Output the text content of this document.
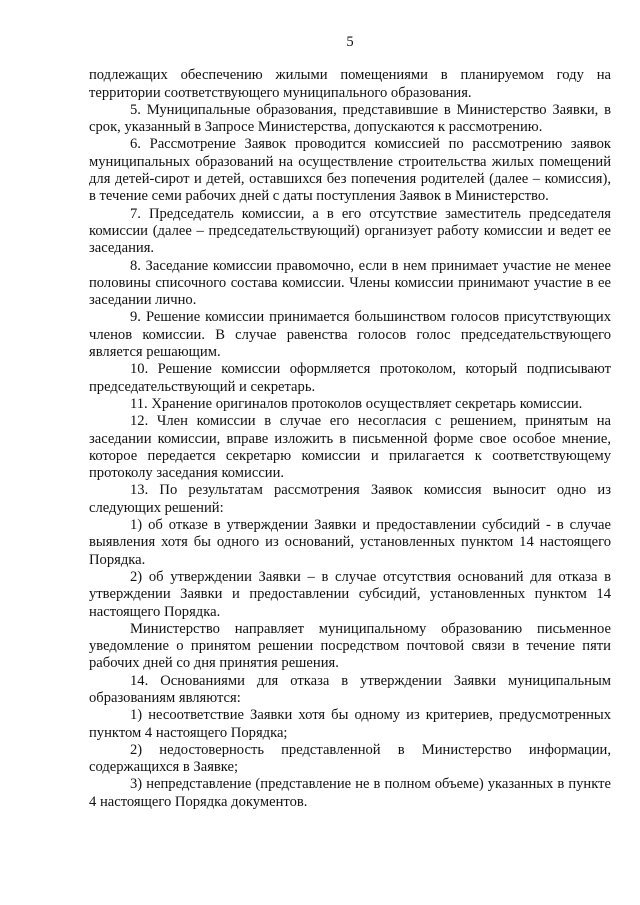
5

подлежащих обеспечению жилыми помещениями в планируемом году на территории соответствующего муниципального образования.

5. Муниципальные образования, представившие в Министерство Заявки, в срок, указанный в Запросе Министерства, допускаются к рассмотрению.

6. Рассмотрение Заявок проводится комиссией по рассмотрению заявок муниципальных образований на осуществление строительства жилых помещений для детей-сирот и детей, оставшихся без попечения родителей (далее – комиссия), в течение семи рабочих дней с даты поступления Заявок в Министерство.

7. Председатель комиссии, а в его отсутствие заместитель председателя комиссии (далее – председательствующий) организует работу комиссии и ведет ее заседания.

8. Заседание комиссии правомочно, если в нем принимает участие не менее половины списочного состава комиссии. Члены комиссии принимают участие в ее заседании лично.

9. Решение комиссии принимается большинством голосов присутствующих членов комиссии. В случае равенства голосов голос председательствующего является решающим.

10. Решение комиссии оформляется протоколом, который подписывают председательствующий и секретарь.

11. Хранение оригиналов протоколов осуществляет секретарь комиссии.

12. Член комиссии в случае его несогласия с решением, принятым на заседании комиссии, вправе изложить в письменной форме свое особое мнение, которое передается секретарю комиссии и прилагается к соответствующему протоколу заседания комиссии.

13. По результатам рассмотрения Заявок комиссия выносит одно из следующих решений:

1) об отказе в утверждении Заявки и предоставлении субсидий - в случае выявления хотя бы одного из оснований, установленных пунктом 14 настоящего Порядка.

2) об утверждении Заявки – в случае отсутствия оснований для отказа в утверждении Заявки и предоставлении субсидий, установленных пунктом 14 настоящего Порядка.

Министерство направляет муниципальному образованию письменное уведомление о принятом решении посредством почтовой связи в течение пяти рабочих дней со дня принятия решения.

14. Основаниями для отказа в утверждении Заявки муниципальным образованиям являются:

1) несоответствие Заявки хотя бы одному из критериев, предусмотренных пунктом 4 настоящего Порядка;

2) недостоверность представленной в Министерство информации, содержащихся в Заявке;

3) непредставление (представление не в полном объеме) указанных в пункте 4 настоящего Порядка документов.
